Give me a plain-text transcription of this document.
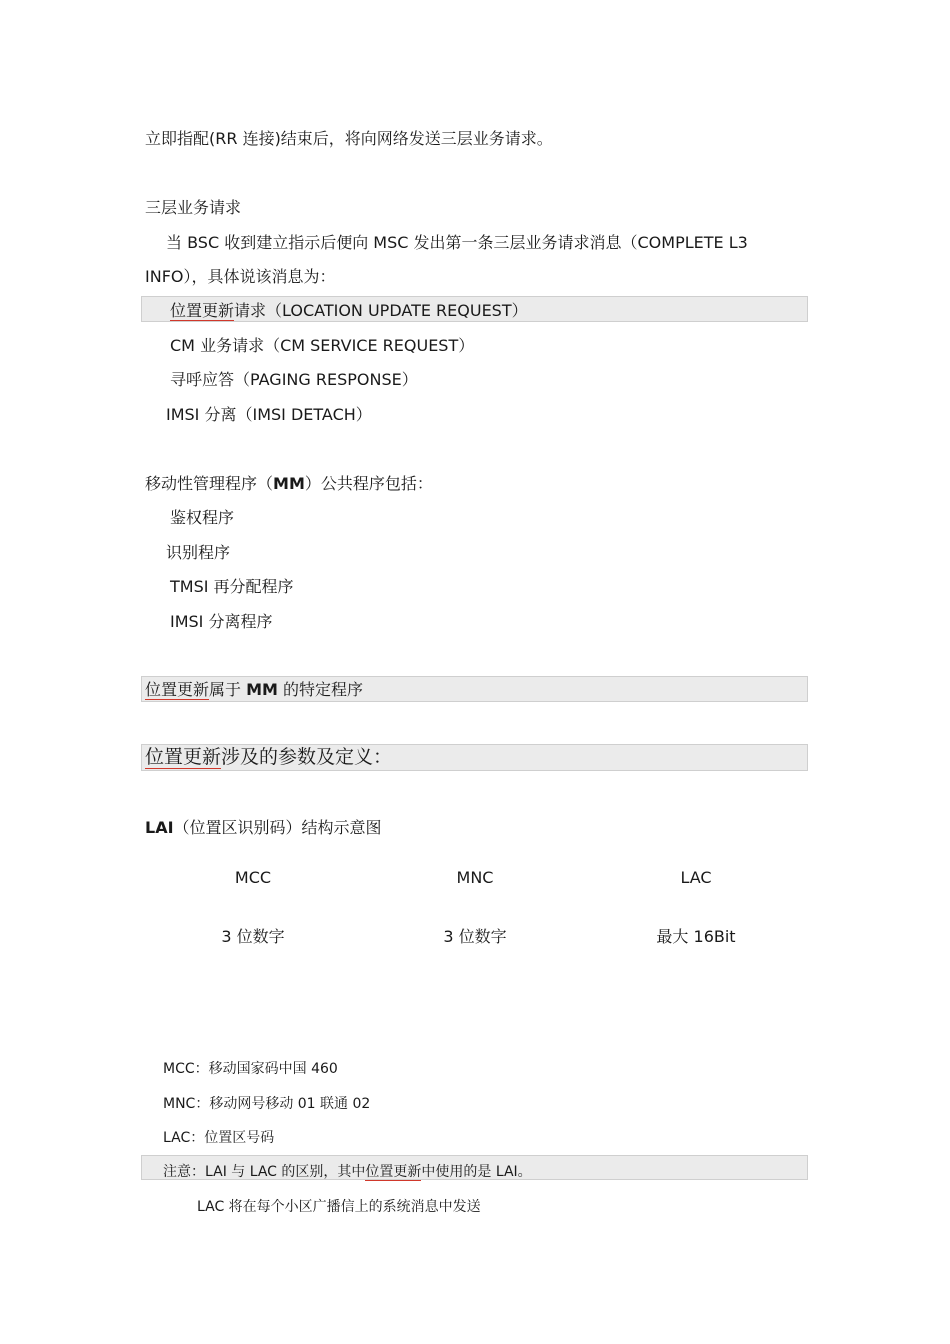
立即指配(RR 连接)结束后，将向网络发送三层业务请求。
三层业务请求
当 BSC 收到建立指示后便向 MSC 发出第一条三层业务请求消息（COMPLETE L3
INFO），具体说该消息为：
位置更新请求（LOCATION UPDATE REQUEST）
CM 业务请求（CM SERVICE REQUEST）
寻呼应答（PAGING RESPONSE）
IMSI 分离（IMSI DETACH）
移动性管理程序（MM）公共程序包括：
鉴权程序
识别程序
TMSI 再分配程序
IMSI 分离程序
位置更新属于 MM 的特定程序
位置更新涉及的参数及定义：
LAI（位置区识别码）结构示意图
MCC	MNC	LAC
3 位数字	3 位数字	最大 16Bit
MCC：移动国家码中国 460
MNC：移动网号移动 01 联通 02
LAC：位置区号码
注意：LAI 与 LAC 的区别，其中位置更新中使用的是 LAI。
LAC 将在每个小区广播信上的系统消息中发送
